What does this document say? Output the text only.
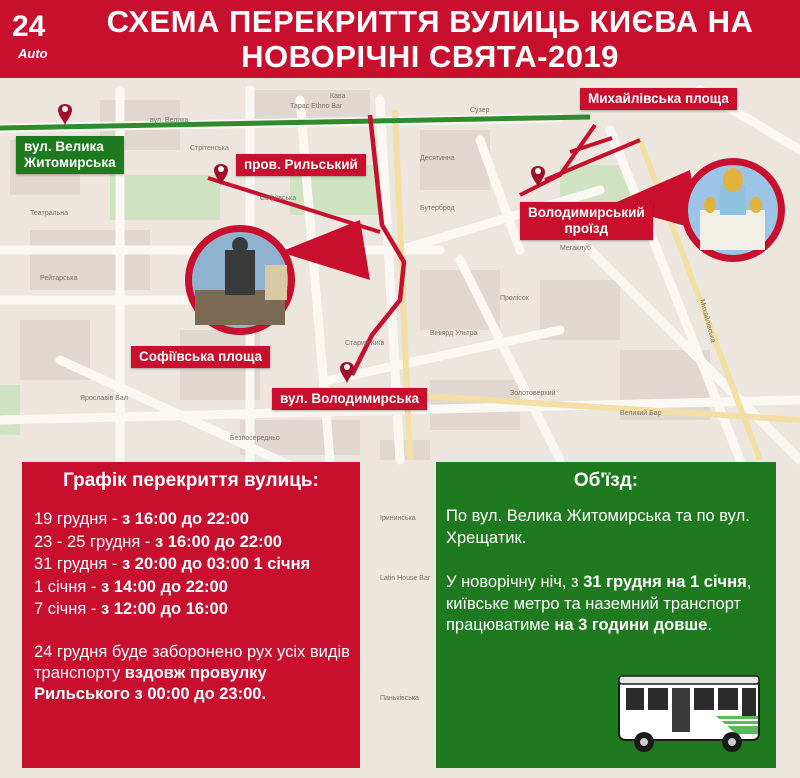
24
Auto
СХЕМА ПЕРЕКРИТТЯ ВУЛИЦЬ КИЄВА НА
НОВОРІЧНІ СВЯТА-2019
Тарас Ethno Bar
Сузер
вул. Велика
Софіївська
Бутерброд
Старий Київ
Кава
Вініярд Ультра
Золотоверхий
Михайлівська
Мегаклуб
Пролісок
Театральна
Ярославів Вал
Рейтарська
Стрітенська
Великий Бар
Десятинна
Безпосередньо
Latin House Bar
Ірининська
Паньківська
вул. Велика
Житомирська	пров. Рильський
Михайлівська площа
Володимирський
проїзд
Софіївська площа
вул. Володимирська
Графік перекриття вулиць:
19 грудня - з 16:00 до 22:00
23 - 25 грудня - з 16:00 до 22:00
31 грудня - з 20:00 до 03:00 1 січня
1 січня - з 14:00 до 22:00
7 січня - з 12:00 до 16:00
24 грудня буде заборонено рух усіх видів транспорту вздовж провулку Рильського з 00:00 до 23:00.
Об'їзд:
По вул. Велика Житомирська та по вул. Хрещатик.
У новорічну ніч, з 31 грудня на 1 січня, київське метро та наземний транспорт працюватиме на 3 години довше.
